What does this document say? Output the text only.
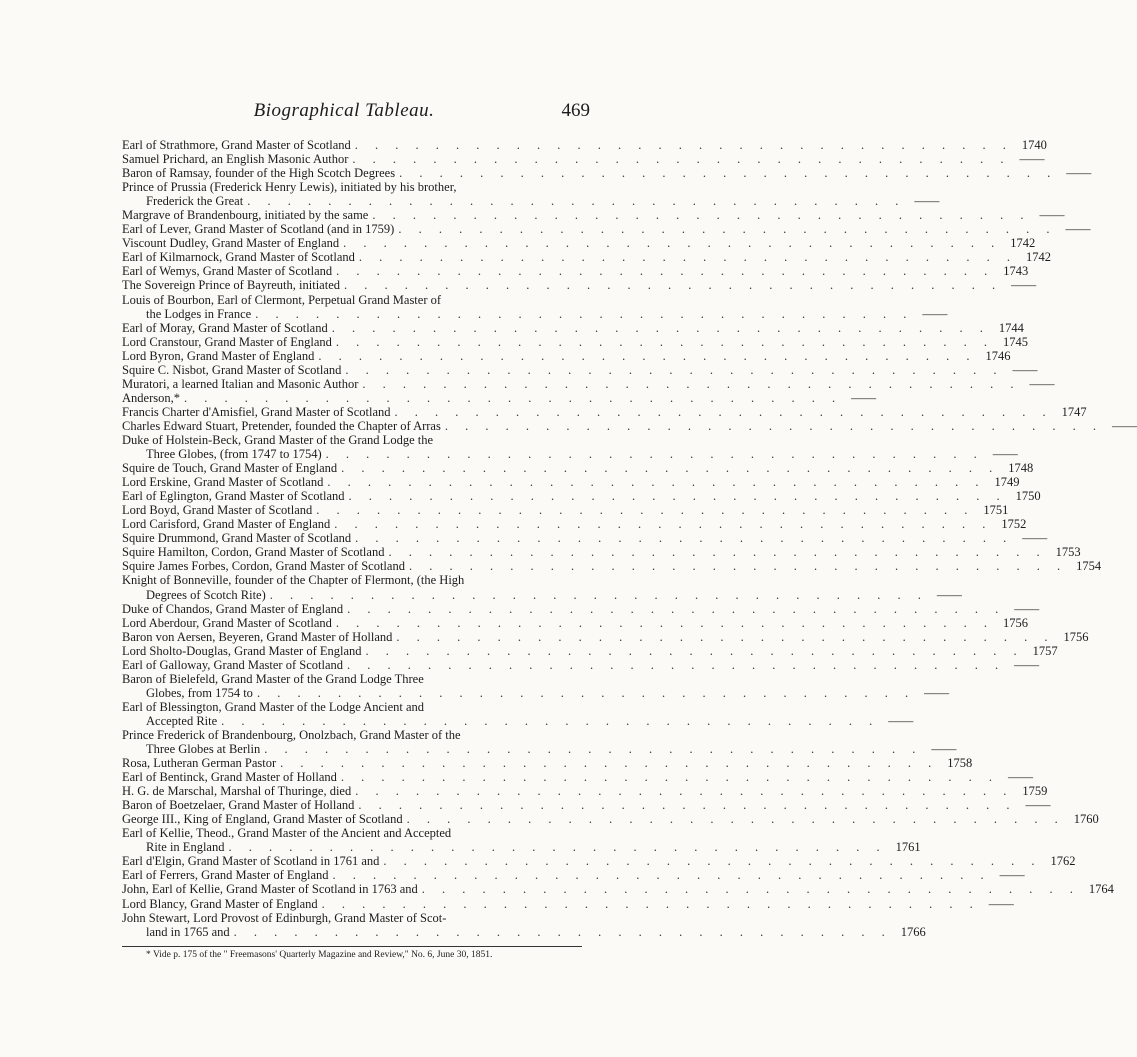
Biographical Tableau.	469
Earl of Strathmore, Grand Master of Scotland . . . . . . . . . . . . . . . . . . . . . . . . . . . . . . . . . 1740
Samuel Prichard, an English Masonic Author . . . . . . . . . . . . . . . . . . . . . . . . . . . . . . . . . ——
Baron of Ramsay, founder of the High Scotch Degrees . . . . . . . . . . . . . . . . . . . . . . . . . . . . . . . . . ——
Prince of Prussia (Frederick Henry Lewis), initiated by his brother,
Frederick the Great . . . . . . . . . . . . . . . . . . . . . . . . . . . . . . . . . ——
Margrave of Brandenbourg, initiated by the same . . . . . . . . . . . . . . . . . . . . . . . . . . . . . . . . . ——
Earl of Lever, Grand Master of Scotland (and in 1759) . . . . . . . . . . . . . . . . . . . . . . . . . . . . . . . . . ——
Viscount Dudley, Grand Master of England . . . . . . . . . . . . . . . . . . . . . . . . . . . . . . . . . 1742
Earl of Kilmarnock, Grand Master of Scotland . . . . . . . . . . . . . . . . . . . . . . . . . . . . . . . . . 1742
Earl of Wemys, Grand Master of Scotland . . . . . . . . . . . . . . . . . . . . . . . . . . . . . . . . . 1743
The Sovereign Prince of Bayreuth, initiated . . . . . . . . . . . . . . . . . . . . . . . . . . . . . . . . . ——
Louis of Bourbon, Earl of Clermont, Perpetual Grand Master of
the Lodges in France . . . . . . . . . . . . . . . . . . . . . . . . . . . . . . . . . ——
Earl of Moray, Grand Master of Scotland . . . . . . . . . . . . . . . . . . . . . . . . . . . . . . . . . 1744
Lord Cranstour, Grand Master of England . . . . . . . . . . . . . . . . . . . . . . . . . . . . . . . . . 1745
Lord Byron, Grand Master of England . . . . . . . . . . . . . . . . . . . . . . . . . . . . . . . . . 1746
Squire C. Nisbot, Grand Master of Scotland . . . . . . . . . . . . . . . . . . . . . . . . . . . . . . . . . ——
Muratori, a learned Italian and Masonic Author . . . . . . . . . . . . . . . . . . . . . . . . . . . . . . . . . ——
Anderson,* . . . . . . . . . . . . . . . . . . . . . . . . . . . . . . . . . ——
Francis Charter d'Amisfiel, Grand Master of Scotland . . . . . . . . . . . . . . . . . . . . . . . . . . . . . . . . . 1747
Charles Edward Stuart, Pretender, founded the Chapter of Arras . . . . . . . . . . . . . . . . . . . . . . . . . . . . . . . . . ——
Duke of Holstein-Beck, Grand Master of the Grand Lodge the
Three Globes, (from 1747 to 1754) . . . . . . . . . . . . . . . . . . . . . . . . . . . . . . . . . ——
Squire de Touch, Grand Master of England . . . . . . . . . . . . . . . . . . . . . . . . . . . . . . . . . 1748
Lord Erskine, Grand Master of Scotland . . . . . . . . . . . . . . . . . . . . . . . . . . . . . . . . . 1749
Earl of Eglington, Grand Master of Scotland . . . . . . . . . . . . . . . . . . . . . . . . . . . . . . . . . 1750
Lord Boyd, Grand Master of Scotland . . . . . . . . . . . . . . . . . . . . . . . . . . . . . . . . . 1751
Lord Carisford, Grand Master of England . . . . . . . . . . . . . . . . . . . . . . . . . . . . . . . . . 1752
Squire Drummond, Grand Master of Scotland . . . . . . . . . . . . . . . . . . . . . . . . . . . . . . . . . ——
Squire Hamilton, Cordon, Grand Master of Scotland . . . . . . . . . . . . . . . . . . . . . . . . . . . . . . . . . 1753
Squire James Forbes, Cordon, Grand Master of Scotland . . . . . . . . . . . . . . . . . . . . . . . . . . . . . . . . . 1754
Knight of Bonneville, founder of the Chapter of Flermont, (the High
Degrees of Scotch Rite) . . . . . . . . . . . . . . . . . . . . . . . . . . . . . . . . . ——
Duke of Chandos, Grand Master of England . . . . . . . . . . . . . . . . . . . . . . . . . . . . . . . . . ——
Lord Aberdour, Grand Master of Scotland . . . . . . . . . . . . . . . . . . . . . . . . . . . . . . . . . 1756
Baron von Aersen, Beyeren, Grand Master of Holland . . . . . . . . . . . . . . . . . . . . . . . . . . . . . . . . . 1756
Lord Sholto-Douglas, Grand Master of England . . . . . . . . . . . . . . . . . . . . . . . . . . . . . . . . . 1757
Earl of Galloway, Grand Master of Scotland . . . . . . . . . . . . . . . . . . . . . . . . . . . . . . . . . ——
Baron of Bielefeld, Grand Master of the Grand Lodge Three
Globes, from 1754 to . . . . . . . . . . . . . . . . . . . . . . . . . . . . . . . . . ——
Earl of Blessington, Grand Master of the Lodge Ancient and
Accepted Rite . . . . . . . . . . . . . . . . . . . . . . . . . . . . . . . . . ——
Prince Frederick of Brandenbourg, Onolzbach, Grand Master of the
Three Globes at Berlin . . . . . . . . . . . . . . . . . . . . . . . . . . . . . . . . . ——
Rosa, Lutheran German Pastor . . . . . . . . . . . . . . . . . . . . . . . . . . . . . . . . . 1758
Earl of Bentinck, Grand Master of Holland . . . . . . . . . . . . . . . . . . . . . . . . . . . . . . . . . ——
H. G. de Marschal, Marshal of Thuringe, died . . . . . . . . . . . . . . . . . . . . . . . . . . . . . . . . . 1759
Baron of Boetzelaer, Grand Master of Holland . . . . . . . . . . . . . . . . . . . . . . . . . . . . . . . . . ——
George III., King of England, Grand Master of Scotland . . . . . . . . . . . . . . . . . . . . . . . . . . . . . . . . . 1760
Earl of Kellie, Theod., Grand Master of the Ancient and Accepted
Rite in England . . . . . . . . . . . . . . . . . . . . . . . . . . . . . . . . . 1761
Earl d'Elgin, Grand Master of Scotland in 1761 and . . . . . . . . . . . . . . . . . . . . . . . . . . . . . . . . . 1762
Earl of Ferrers, Grand Master of England . . . . . . . . . . . . . . . . . . . . . . . . . . . . . . . . . ——
John, Earl of Kellie, Grand Master of Scotland in 1763 and . . . . . . . . . . . . . . . . . . . . . . . . . . . . . . . . . 1764
Lord Blancy, Grand Master of England . . . . . . . . . . . . . . . . . . . . . . . . . . . . . . . . . ——
John Stewart, Lord Provost of Edinburgh, Grand Master of Scot-
land in 1765 and . . . . . . . . . . . . . . . . . . . . . . . . . . . . . . . . . 1766
* Vide p. 175 of the " Freemasons' Quarterly Magazine and Review," No. 6, June 30, 1851.
